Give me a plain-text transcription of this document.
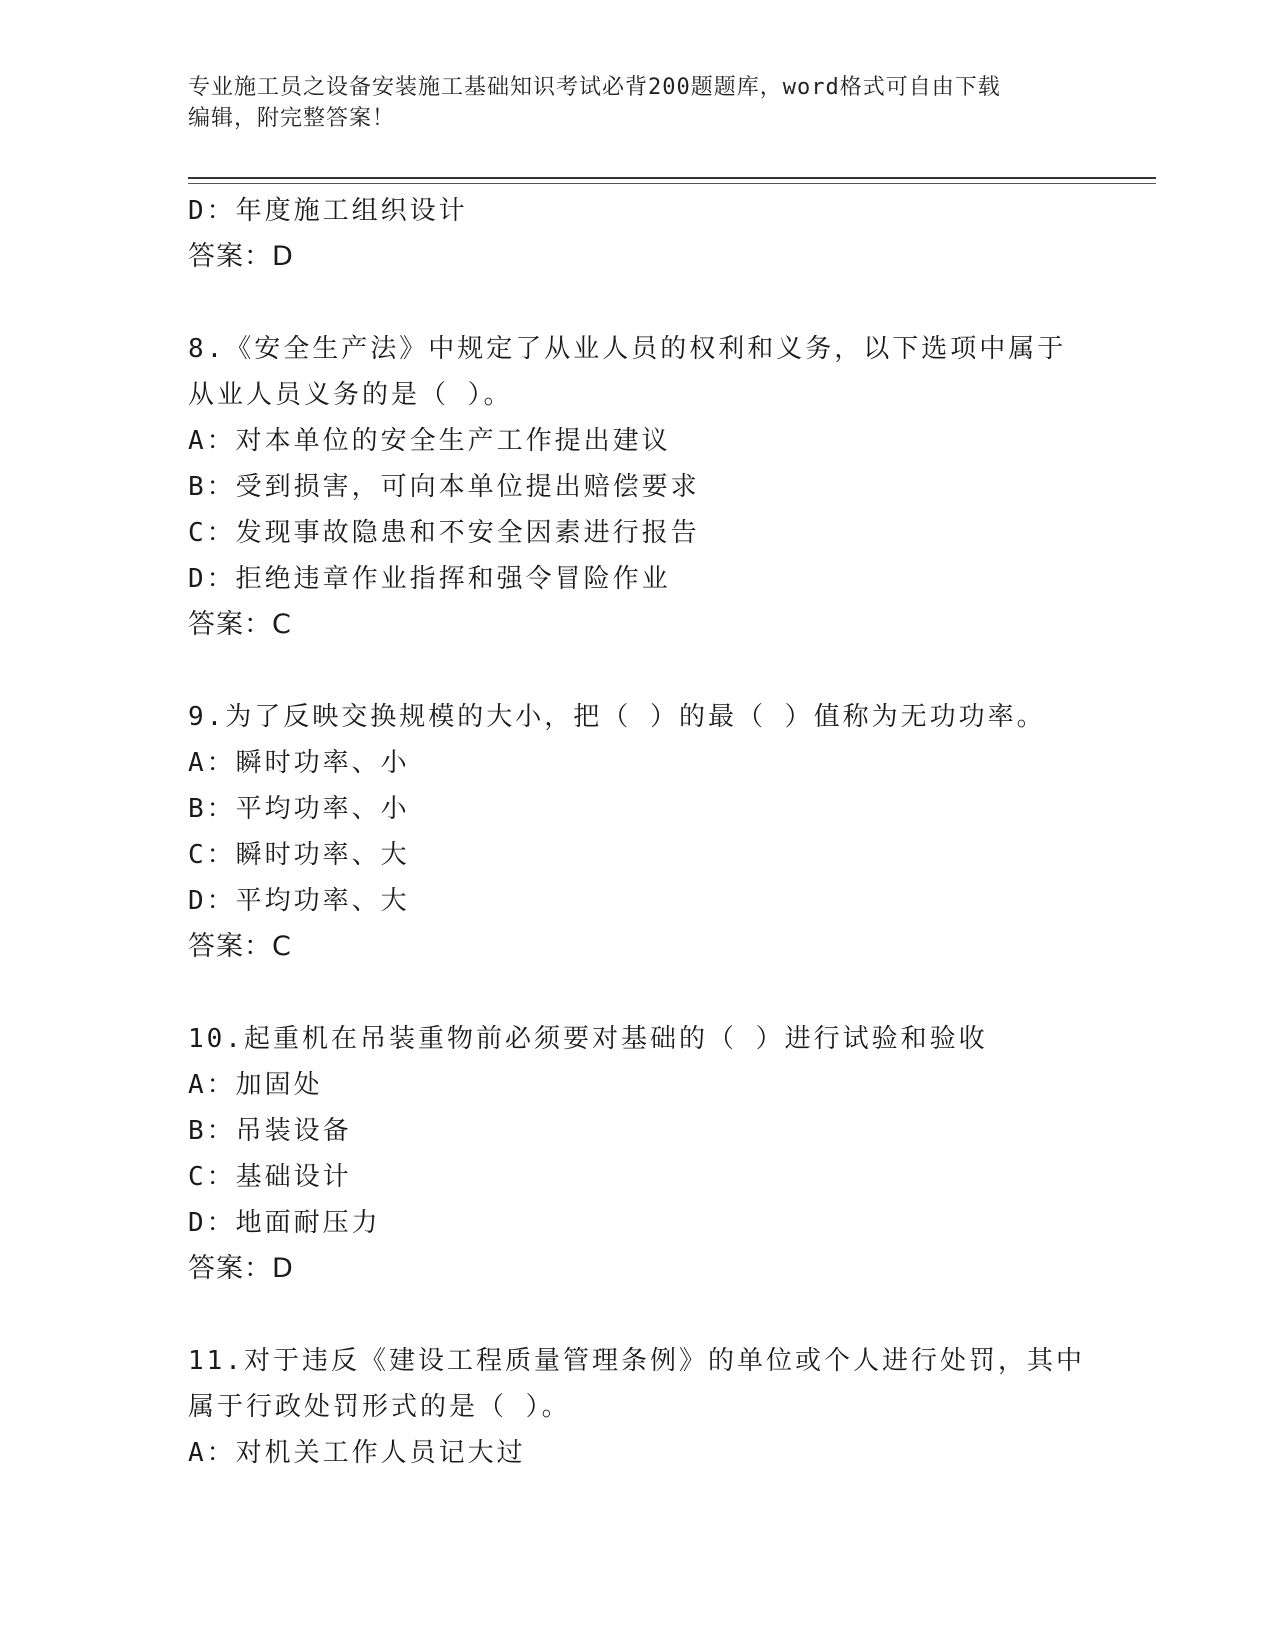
专业施工员之设备安装施工基础知识考试必背200题题库，word格式可自由下载
编辑，附完整答案！
D：年度施工组织设计
答案：D
8.《安全生产法》中规定了从业人员的权利和义务，以下选项中属于
从业人员义务的是（ ）。
A：对本单位的安全生产工作提出建议
B：受到损害，可向本单位提出赔偿要求
C：发现事故隐患和不安全因素进行报告
D：拒绝违章作业指挥和强令冒险作业
答案：C
9.为了反映交换规模的大小，把（ ）的最（ ）值称为无功功率。
A：瞬时功率、小
B：平均功率、小
C：瞬时功率、大
D：平均功率、大
答案：C
10.起重机在吊装重物前必须要对基础的（ ）进行试验和验收
A：加固处
B：吊装设备
C：基础设计
D：地面耐压力
答案：D
11.对于违反《建设工程质量管理条例》的单位或个人进行处罚，其中
属于行政处罚形式的是（ ）。
A：对机关工作人员记大过
